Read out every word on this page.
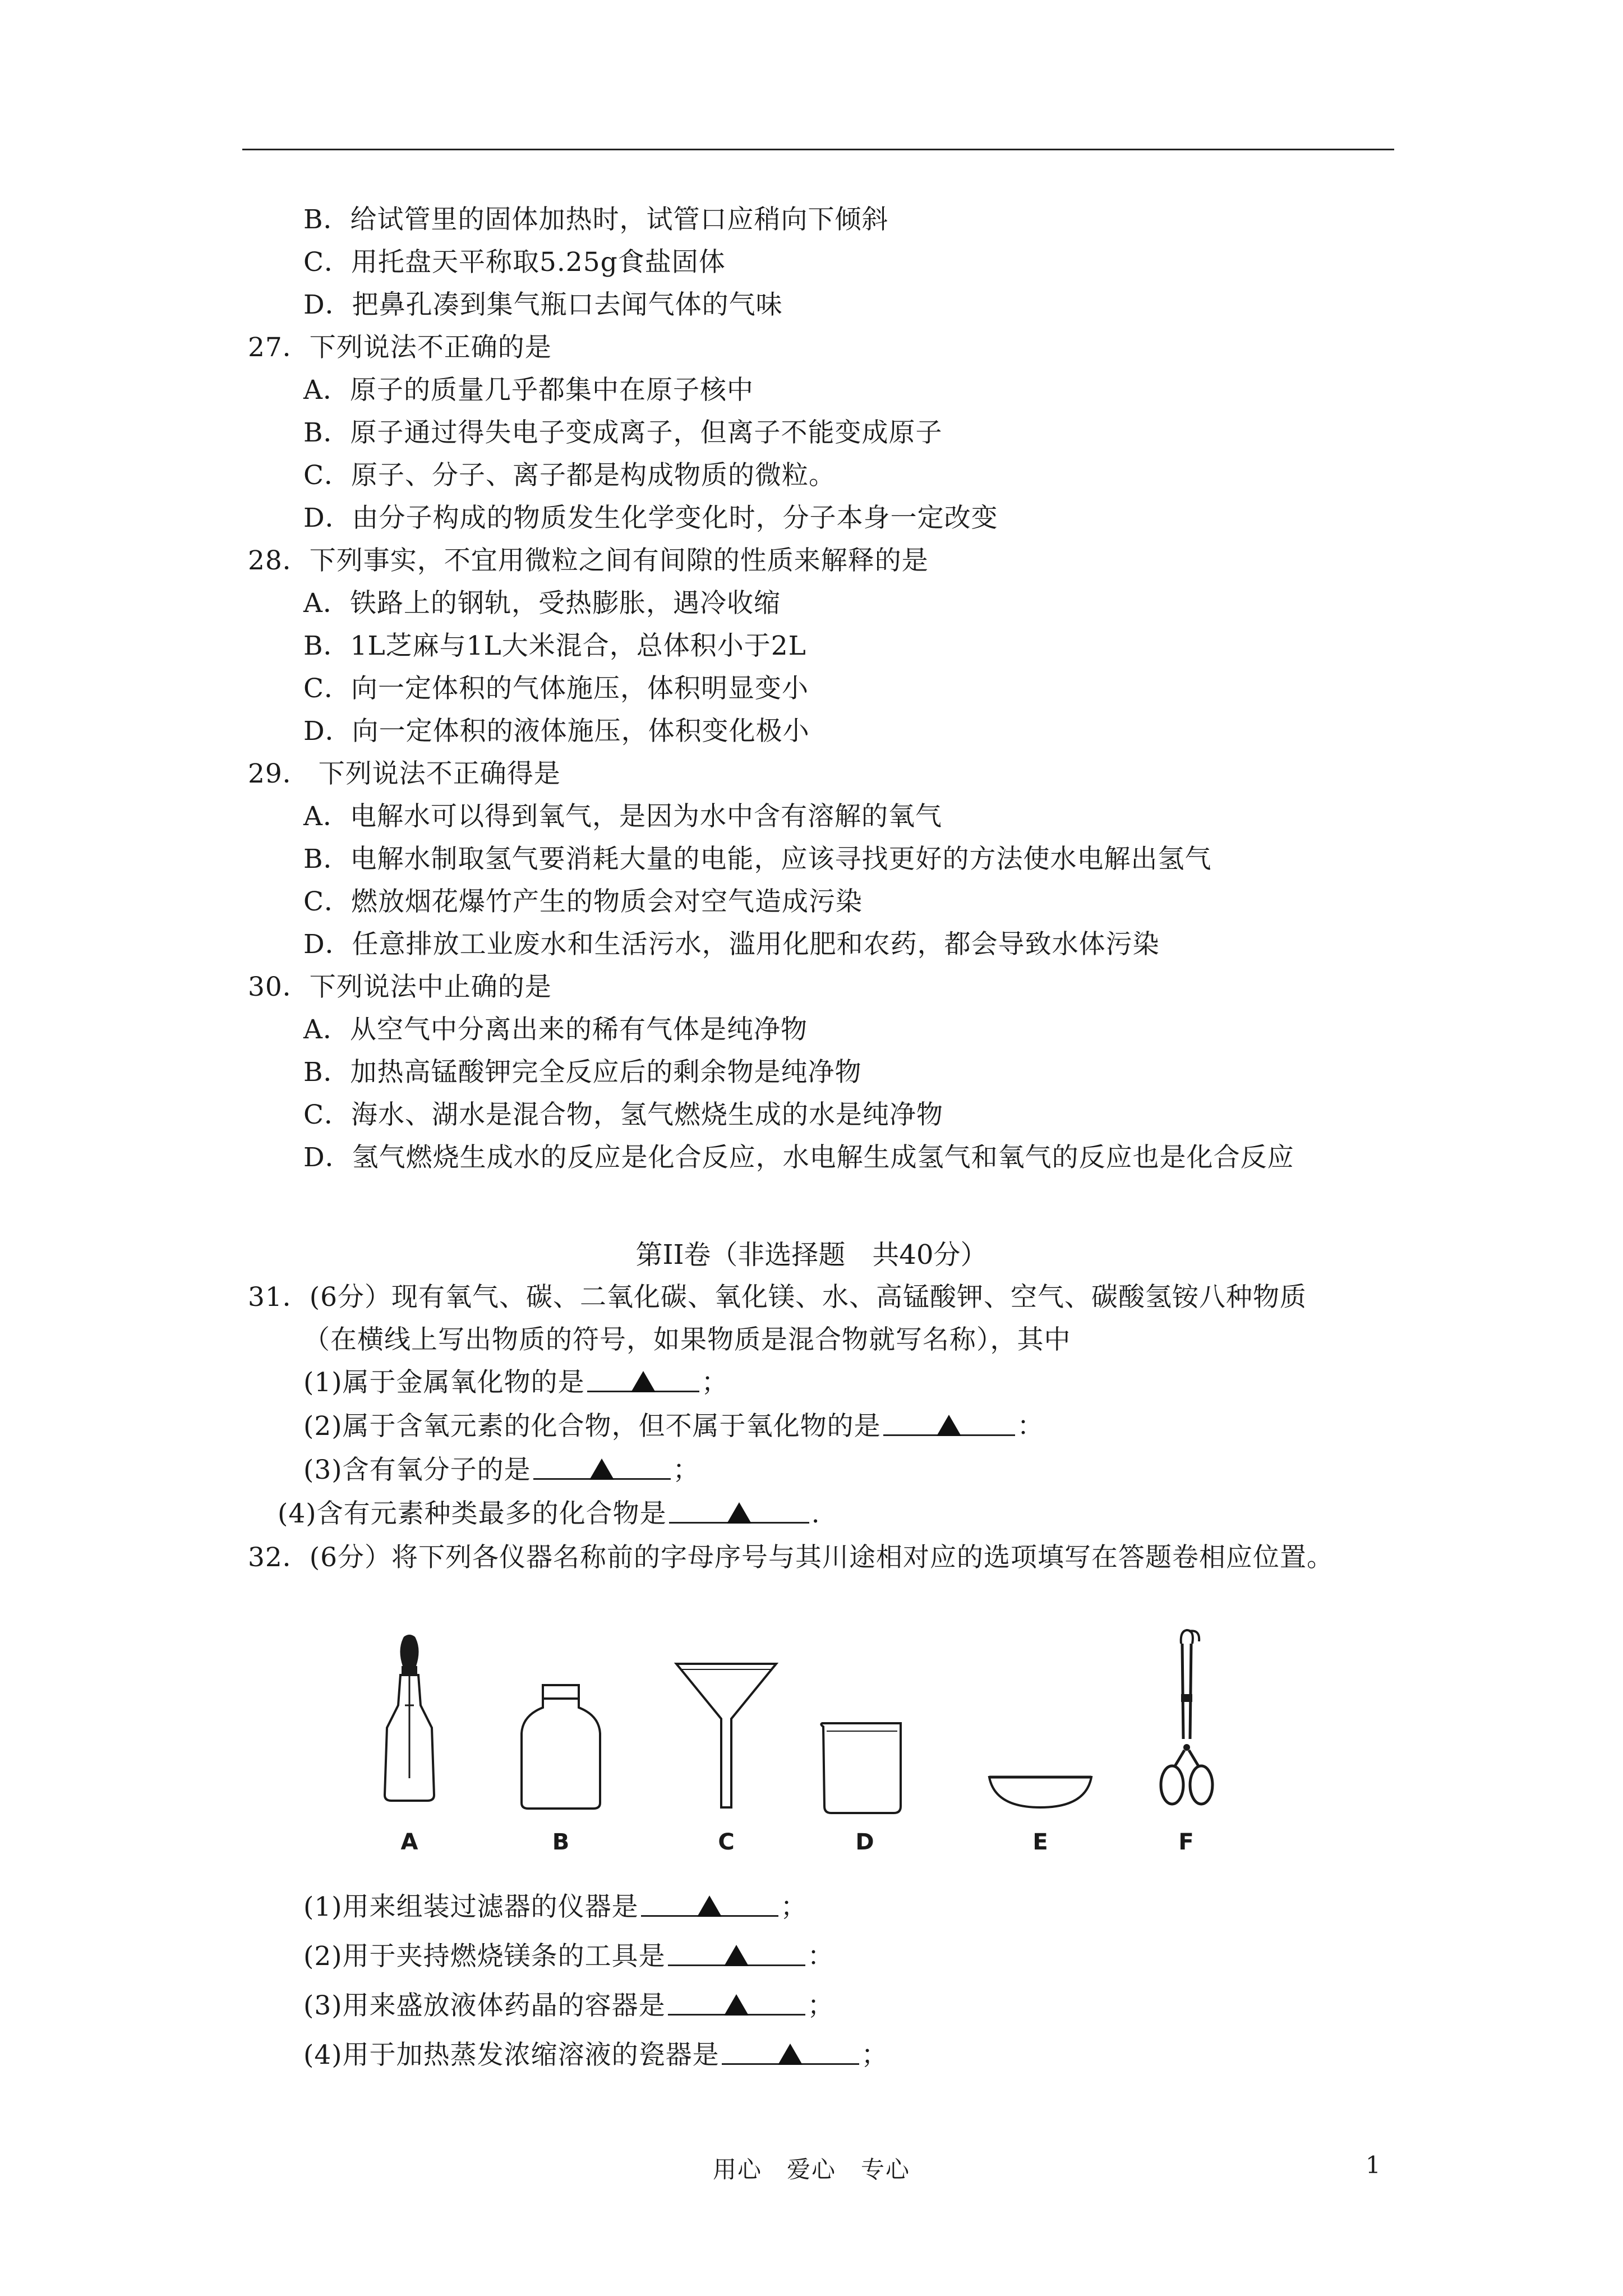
B．给试管里的固体加热时，试管口应稍向下倾斜
C．用托盘天平称取5.25g食盐固体
D．把鼻孔凑到集气瓶口去闻气体的气味
27．下列说法不正确的是
A．原子的质量几乎都集中在原子核中
B．原子通过得失电子变成离子，但离子不能变成原子
C．原子、分子、离子都是构成物质的微粒。
D．由分子构成的物质发生化学变化时，分子本身一定改变
28．下列事实，不宜用微粒之间有间隙的性质来解释的是
A．铁路上的钢轨，受热膨胀，遇冷收缩
B．1L芝麻与1L大米混合，总体积小于2L
C．向一定体积的气体施压，体积明显变小
D．向一定体积的液体施压，体积变化极小
29． 下列说法不正确得是
A．电解水可以得到氧气，是因为水中含有溶解的氧气
B．电解水制取氢气要消耗大量的电能，应该寻找更好的方法使水电解出氢气
C．燃放烟花爆竹产生的物质会对空气造成污染
D．任意排放工业废水和生活污水，滥用化肥和农药，都会导致水体污染
30．下列说法中止确的是
A．从空气中分离出来的稀有气体是纯净物
B．加热高锰酸钾完全反应后的剩余物是纯净物
C．海水、湖水是混合物，氢气燃烧生成的水是纯净物
D．氢气燃烧生成水的反应是化合反应，水电解生成氢气和氧气的反应也是化合反应
第II卷（非选择题　共40分）
31．(6分）现有氧气、碳、二氧化碳、氧化镁、水、高锰酸钾、空气、碳酸氢铵八种物质
（在横线上写出物质的符号，如果物质是混合物就写名称），其中
(1)属于金属氧化物的是	；
(2)属于含氧元素的化合物，但不属于氧化物的是	：
(3)含有氧分子的是	；
(4)含有元素种类最多的化合物是	.
32．(6分）将下列各仪器名称前的字母序号与其川途相对应的选项填写在答题卷相应位置。
A	B	C	D	E	F
(1)用来组装过滤器的仪器是	；
(2)用于夹持燃烧镁条的工具是	：
(3)用来盛放液体药晶的容器是	；
(4)用于加热蒸发浓缩溶液的瓷器是	；
用心　爱心　专心	1
